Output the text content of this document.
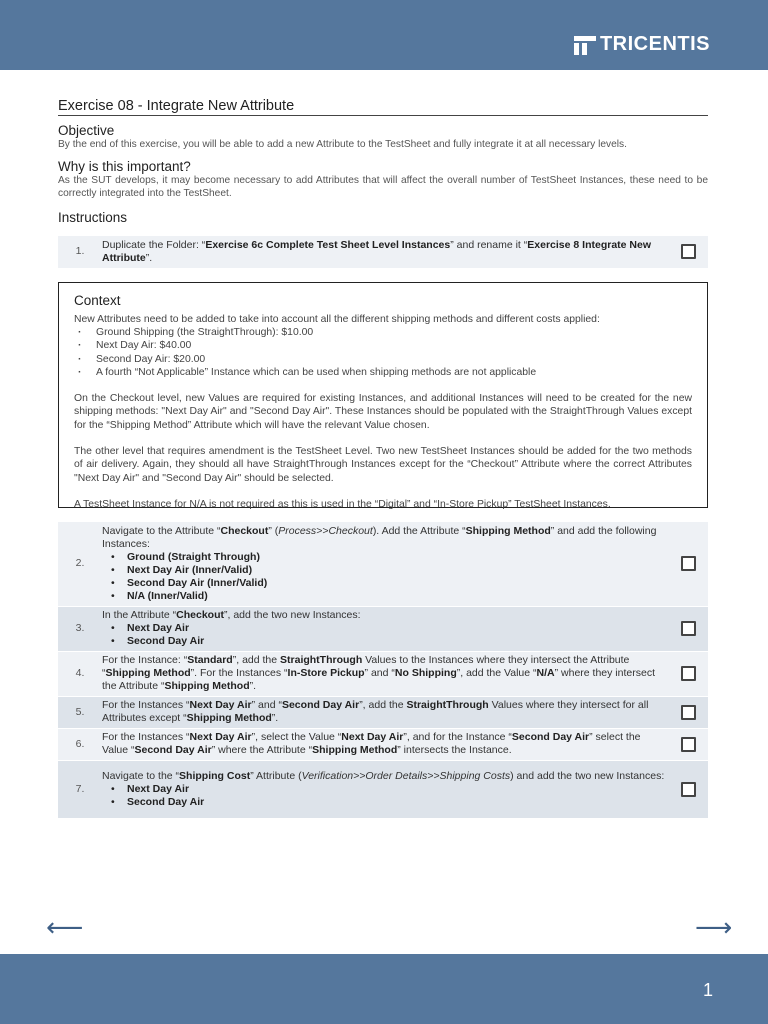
TRICENTIS
Exercise 08 - Integrate New Attribute
Objective

By the end of this exercise, you will be able to add a new Attribute to the TestSheet and fully integrate it at all necessary levels.

Why is this important?

As the SUT develops, it may become necessary to add Attributes that will affect the overall number of TestSheet Instances, these need to be correctly integrated into the TestSheet.

Instructions
1.
Duplicate the Folder: “Exercise 6c Complete Test Sheet Level Instances” and rename it “Exercise 8 Integrate New Attribute”.
Context

New Attributes need to be added to take into account all the different shipping methods and different costs applied:

· Ground Shipping (the StraightThrough): $10.00
· Next Day Air: $40.00
· Second Day Air: $20.00
· A fourth “Not Applicable” Instance which can be used when shipping methods are not applicable

On the Checkout level, new Values are required for existing Instances, and additional Instances will need to be created for the new shipping methods: "Next Day Air" and "Second Day Air". These Instances should be populated with the StraightThrough Values except for the “Shipping Method” Attribute which will have the relevant Value chosen.

The other level that requires amendment is the TestSheet Level. Two new TestSheet Instances should be added for the two methods of air delivery. Again, they should all have StraightThrough Instances except for the “Checkout” Attribute where the correct Attributes "Next Day Air" and "Second Day Air" should be selected.

A TestSheet Instance for N/A is not required as this is used in the “Digital” and “In-Store Pickup” TestSheet Instances.

2.
Navigate to the Attribute “Checkout” (Process>>Checkout). Add the Attribute “Shipping Method” and add the following Instances:
• Ground (Straight Through)
• Next Day Air (Inner/Valid)
• Second Day Air (Inner/Valid)
• N/A (Inner/Valid)
3.
In the Attribute “Checkout”, add the two new Instances:
• Next Day Air
• Second Day Air
4.
For the Instance: “Standard”, add the StraightThrough Values to the Instances where they intersect the Attribute “Shipping Method”. For the Instances “In-Store Pickup” and “No Shipping”, add the Value “N/A” where they intersect the Attribute “Shipping Method”.
5.
For the Instances “Next Day Air” and “Second Day Air”, add the StraightThrough Values where they intersect for all Attributes except “Shipping Method”.
6.
For the Instances “Next Day Air”, select the Value “Next Day Air”, and for the Instance “Second Day Air” select the Value “Second Day Air” where the Attribute “Shipping Method” intersects the Instance.
7.
Navigate to the “Shipping Cost” Attribute (Verification>>Order Details>>Shipping Costs) and add the two new Instances:
• Next Day Air
• Second Day Air
⟵	⟶
1
